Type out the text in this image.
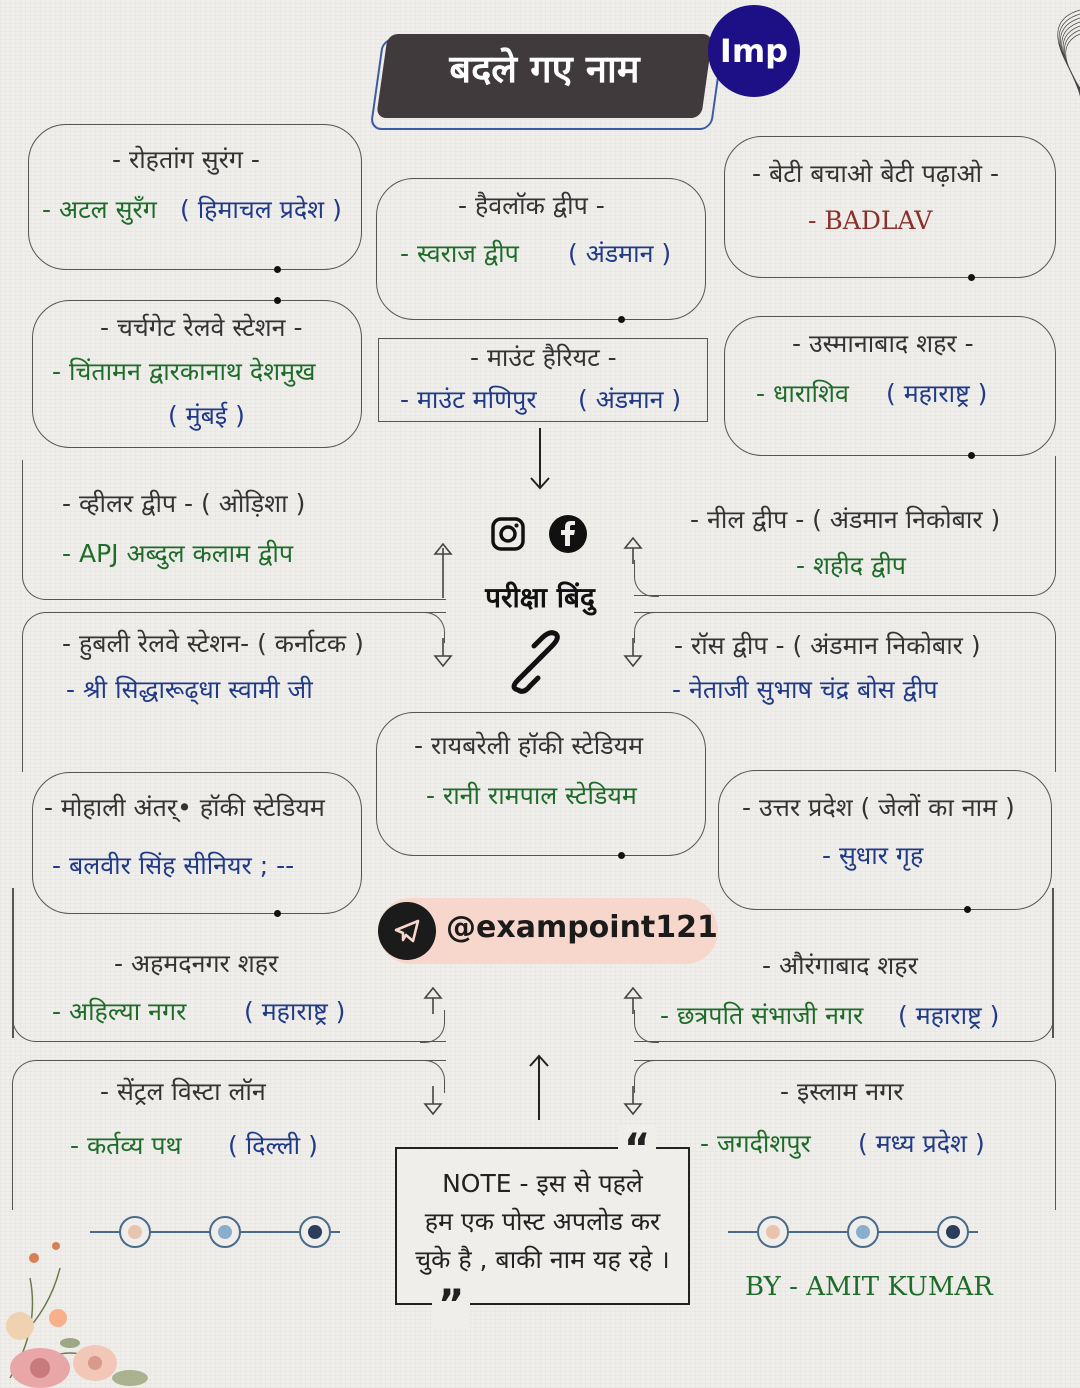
बदले गए नाम	Imp
- रोहतांग सुरंग -
- अटल सुरँग ( हिमाचल प्रदेश )	- हैवलॉक द्वीप -
- स्वराज द्वीप ( अंडमान )
- बेटी बचाओ बेटी पढ़ाओ -
- BADLAV
- चर्चगेट रेलवे स्टेशन -
- चिंतामन द्वारकानाथ देशमुख
( मुंबई )
- माउंट हैरियट -
- माउंट मणिपुर ( अंडमान )
- उस्मानाबाद शहर -
- धाराशिव ( महाराष्ट्र )
- व्हीलर द्वीप - ( ओड़िशा )
- APJ अब्दुल कलाम द्वीप
- नील द्वीप - ( अंडमान निकोबार )
- शहीद द्वीप
परीक्षा बिंदु
- हुबली रेलवे स्टेशन- ( कर्नाटक )
- श्री सिद्धारूढ्धा स्वामी जी
- रॉस द्वीप - ( अंडमान निकोबार )
- नेताजी सुभाष चंद्र बोस द्वीप
- रायबरेली हॉकी स्टेडियम
- रानी रामपाल स्टेडियम
- मोहाली अंतर्• हॉकी स्टेडियम
- बलवीर सिंह सीनियर ; --
- उत्तर प्रदेश ( जेलों का नाम )
- सुधार गृह
@exampoint121
- अहमदनगर शहर
- अहिल्या नगर ( महाराष्ट्र )
- औरंगाबाद शहर
- छत्रपति संभाजी नगर ( महाराष्ट्र )
- सेंट्रल विस्टा लॉन
- कर्तव्य पथ ( दिल्ली )
- इस्लाम नगर
- जगदीशपुर ( मध्य प्रदेश )
“
”
NOTE - इस से पहले
हम एक पोस्ट अपलोड कर
चुके है , बाकी नाम यह रहे ।
BY - AMIT KUMAR
